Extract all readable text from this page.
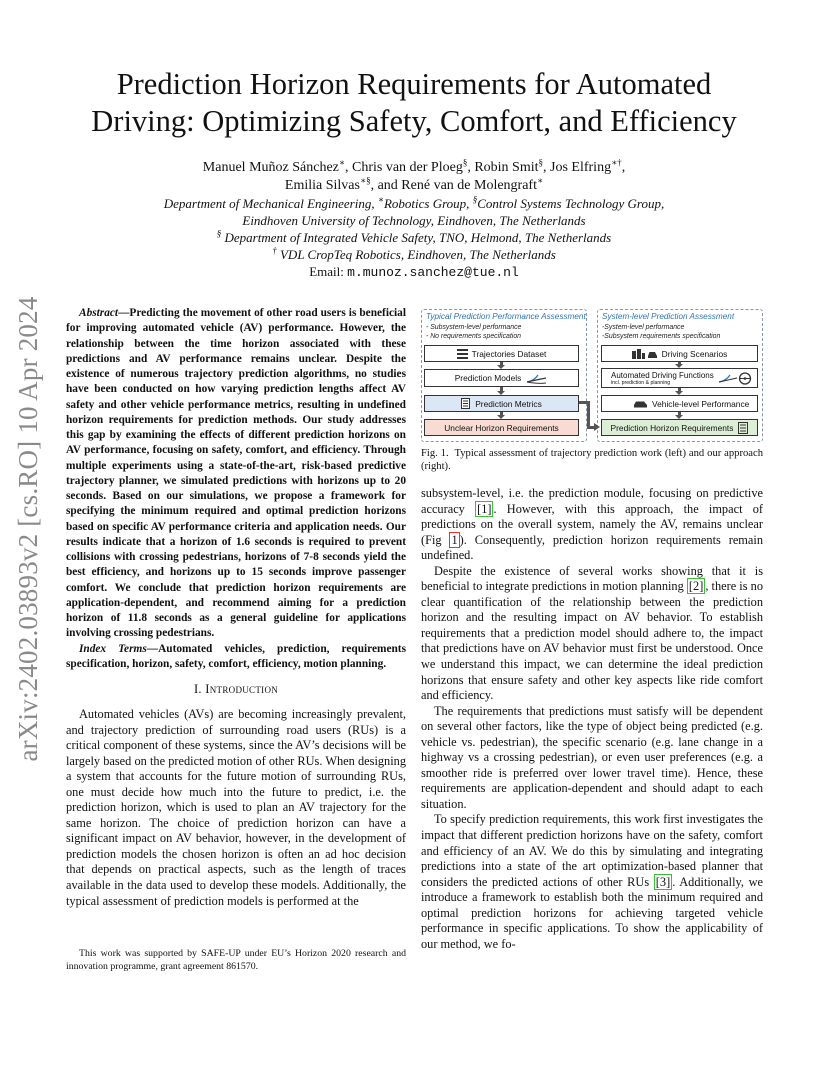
arXiv:2402.03893v2 [cs.RO] 10 Apr 2024
Prediction Horizon Requirements for Automated
Driving: Optimizing Safety, Comfort, and Efficiency
Manuel Muñoz Sánchez∗, Chris van der Ploeg§, Robin Smit§, Jos Elfring∗†,
Emilia Silvas∗§, and René van de Molengraft∗
Department of Mechanical Engineering, ∗Robotics Group, §Control Systems Technology Group,
Eindhoven University of Technology, Eindhoven, The Netherlands
§ Department of Integrated Vehicle Safety, TNO, Helmond, The Netherlands
† VDL CropTeq Robotics, Eindhoven, The Netherlands
Email: m.munoz.sanchez@tue.nl

Abstract—Predicting the movement of other road users is beneficial for improving automated vehicle (AV) performance. However, the relationship between the time horizon associated with these predictions and AV performance remains unclear. Despite the existence of numerous trajectory prediction algorithms, no studies have been conducted on how varying prediction lengths affect AV safety and other vehicle performance metrics, resulting in undefined horizon requirements for prediction methods. Our study addresses this gap by examining the effects of different prediction horizons on AV performance, focusing on safety, comfort, and efficiency. Through multiple experiments using a state-of-the-art, risk-based predictive trajectory planner, we simulated predictions with horizons up to 20 seconds. Based on our simulations, we propose a framework for specifying the minimum required and optimal prediction horizons based on specific AV performance criteria and application needs. Our results indicate that a horizon of 1.6 seconds is required to prevent collisions with crossing pedestrians, horizons of 7-8 seconds yield the best efficiency, and horizons up to 15 seconds improve passenger comfort. We conclude that prediction horizon requirements are application-dependent, and recommend aiming for a prediction horizon of 11.8 seconds as a general guideline for applications involving crossing pedestrians.

Index Terms—Automated vehicles, prediction, requirements specification, horizon, safety, comfort, efficiency, motion planning.

I. Introduction

Automated vehicles (AVs) are becoming increasingly prevalent, and trajectory prediction of surrounding road users (RUs) is a critical component of these systems, since the AV’s decisions will be largely based on the predicted motion of other RUs. When designing a system that accounts for the future motion of surrounding RUs, one must decide how much into the future to predict, i.e. the prediction horizon, which is used to plan an AV trajectory for the same horizon. The choice of prediction horizon can have a significant impact on AV behavior, however, in the development of prediction models the chosen horizon is often an ad hoc decision that depends on practical aspects, such as the length of traces available in the data used to develop these models. Additionally, the typical assessment of prediction models is performed at the

This work was supported by SAFE-UP under EU’s Horizon 2020 research and innovation programme, grant agreement 861570.
Typical Prediction Performance Assessment
- Subsystem-level performance
- No requirements specification
System-level Prediction Assessment
-System-level performance
-Subsystem requirements specification
Trajectories Dataset
Prediction Models
Prediction Metrics
Unclear Horizon Requirements
Driving Scenarios
Automated Driving Functions
incl. prediction & planning
Vehicle-level Performance
Prediction Horizon Requirements
Fig. 1. Typical assessment of trajectory prediction work (left) and our approach (right).

subsystem-level, i.e. the prediction module, focusing on predictive accuracy [1] . However, with this approach, the impact of predictions on the overall system, namely the AV, remains unclear (Fig 1 ). Consequently, prediction horizon requirements remain undefined.

Despite the existence of several works showing that it is beneficial to integrate predictions in motion planning [2] , there is no clear quantification of the relationship between the prediction horizon and the resulting impact on AV behavior. To establish requirements that a prediction model should adhere to, the impact that predictions have on AV behavior must first be understood. Once we understand this impact, we can determine the ideal prediction horizons that ensure safety and other key aspects like ride comfort and efficiency.

The requirements that predictions must satisfy will be dependent on several other factors, like the type of object being predicted (e.g. vehicle vs. pedestrian), the specific scenario (e.g. lane change in a highway vs a crossing pedestrian), or even user preferences (e.g. a smoother ride is preferred over lower travel time). Hence, these requirements are application-dependent and should adapt to each situation.

To specify prediction requirements, this work first investigates the impact that different prediction horizons have on the safety, comfort and efficiency of an AV. We do this by simulating and integrating predictions into a state of the art optimization-based planner that considers the predicted actions of other RUs [3] . Additionally, we introduce a framework to establish both the minimum required and optimal prediction horizons for achieving targeted vehicle performance in specific applications. To show the applicability of our method, we fo-
